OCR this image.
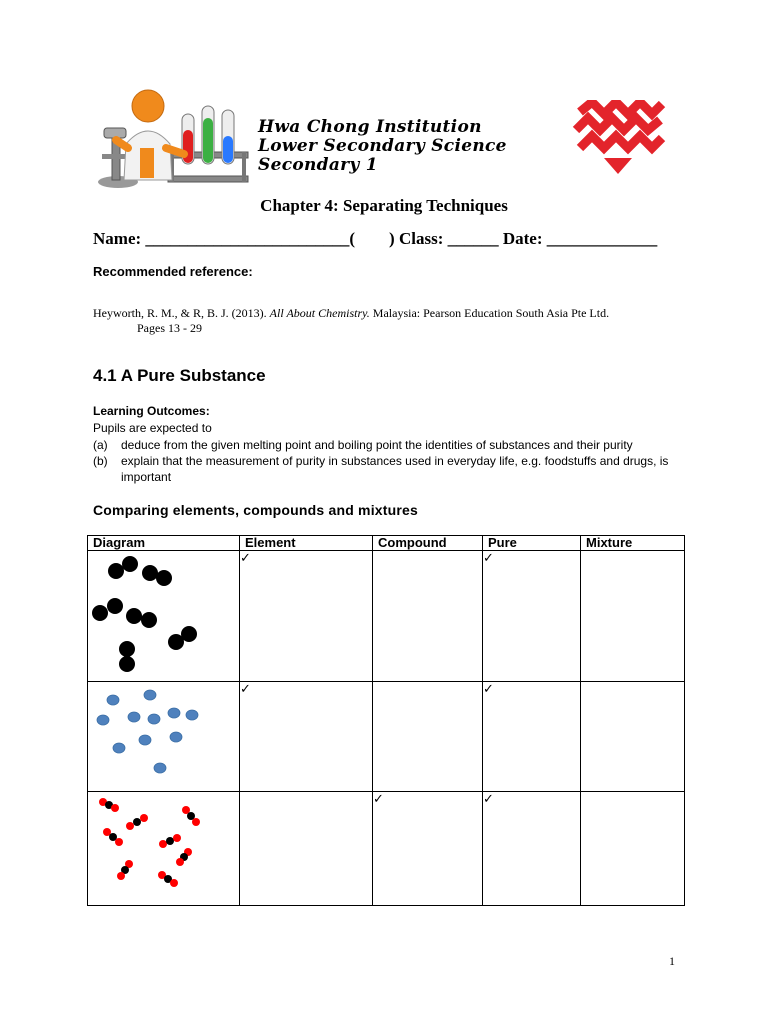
Hwa Chong Institution
Lower Secondary Science
Secondary 1
Chapter 4: Separating Techniques
Name: ________________________(        ) Class: ______ Date: _____________
Recommended reference:
Heyworth, R. M., & R, B. J. (2013). All About Chemistry. Malaysia: Pearson Education South Asia Pte Ltd.
Pages 13 - 29
4.1 A Pure Substance
Learning Outcomes:
Pupils are expected to
(a) deduce from the given melting point and boiling point the identities of substances and their purity
(b) explain that the measurement of purity in substances used in everyday life, e.g. foodstuffs and drugs, is important
Comparing elements, compounds and mixtures
Diagram	Element	Compound	Pure	Mixture
	✓		✓	
	✓		✓	
		✓	✓	
1
